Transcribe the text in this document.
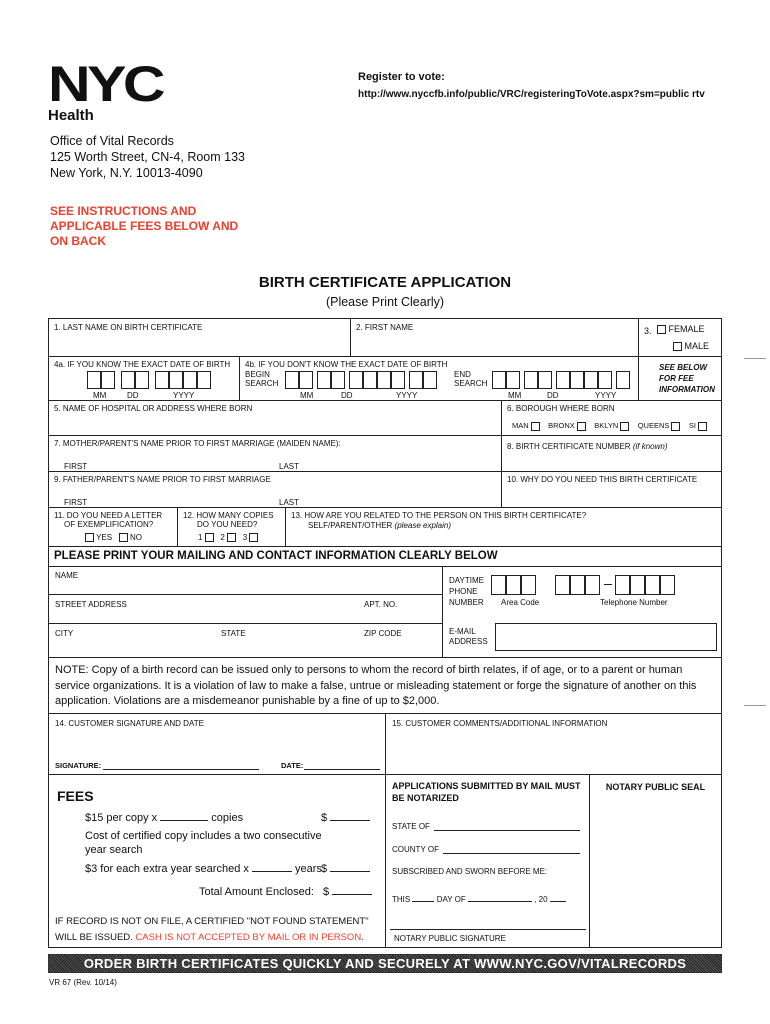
NYC
Health
Register to vote:
http://www.nyccfb.info/public/VRC/registeringToVote.aspx?sm=public rtv
Office of Vital Records
125 Worth Street, CN-4, Room 133
New York, N.Y. 10013-4090
SEE INSTRUCTIONS AND
APPLICABLE FEES BELOW AND
ON BACK
BIRTH CERTIFICATE APPLICATION
(Please Print Clearly)
1. LAST NAME ON BIRTH CERTIFICATE	2. FIRST NAME	3.	FEMALE
MALE
4a. IF YOU KNOW THE EXACT DATE OF BIRTH
MM	DD	YYYY
4b. IF YOU DON'T KNOW THE EXACT DATE OF BIRTH
BEGIN
SEARCH
END
SEARCH
MM	DD	YYYY	MM	DD	YYYY
SEE BELOW
FOR FEE
INFORMATION
5. NAME OF HOSPITAL OR ADDRESS WHERE BORN	6. BOROUGH WHERE BORN
MAN	BRONX	BKLYN	QUEENS	SI
7. MOTHER/PARENT'S NAME PRIOR TO FIRST MARRIAGE (MAIDEN NAME):
FIRST	LAST
8. BIRTH CERTIFICATE NUMBER (if known)
9. FATHER/PARENT'S NAME PRIOR TO FIRST MARRIAGE
FIRST	LAST
10. WHY DO YOU NEED THIS BIRTH CERTIFICATE
11. DO YOU NEED A LETTER
OF EXEMPLIFICATION?
YES NO
12. HOW MANY COPIES
DO YOU NEED?
1 2 3
13. HOW ARE YOU RELATED TO THE PERSON ON THIS BIRTH CERTIFICATE?
SELF/PARENT/OTHER (please explain)
PLEASE PRINT YOUR MAILING AND CONTACT INFORMATION CLEARLY BELOW
NAME
STREET ADDRESS	APT. NO.
CITY	STATE	ZIP CODE
DAYTIME
PHONE
NUMBER Area Code	Telephone Number
E-MAIL
ADDRESS
NOTE: Copy of a birth record can be issued only to persons to whom the record of birth relates, if of age, or to a parent or human service organizations. It is a violation of law to make a false, untrue or misleading statement or forge the signature of another on this application. Violations are a misdemeanor punishable by a fine of up to $2,000.
14. CUSTOMER SIGNATURE AND DATE
SIGNATURE:	DATE:
15. CUSTOMER COMMENTS/ADDITIONAL INFORMATION
FEES
$15 per copy x	copies	$
Cost of certified copy includes a two consecutive
year search
$3 for each extra year searched x	years $
Total Amount Enclosed: $
IF RECORD IS NOT ON FILE, A CERTIFIED "NOT FOUND STATEMENT"
WILL BE ISSUED. CASH IS NOT ACCEPTED BY MAIL OR IN PERSON.
APPLICATIONS SUBMITTED BY MAIL MUST
BE NOTARIZED
STATE OF
COUNTY OF
SUBSCRIBED AND SWORN BEFORE ME:
THIS	DAY OF	, 20
NOTARY PUBLIC SIGNATURE
NOTARY PUBLIC SEAL
ORDER BIRTH CERTIFICATES QUICKLY AND SECURELY AT WWW.NYC.GOV/VITALRECORDS
VR 67 (Rev. 10/14)
